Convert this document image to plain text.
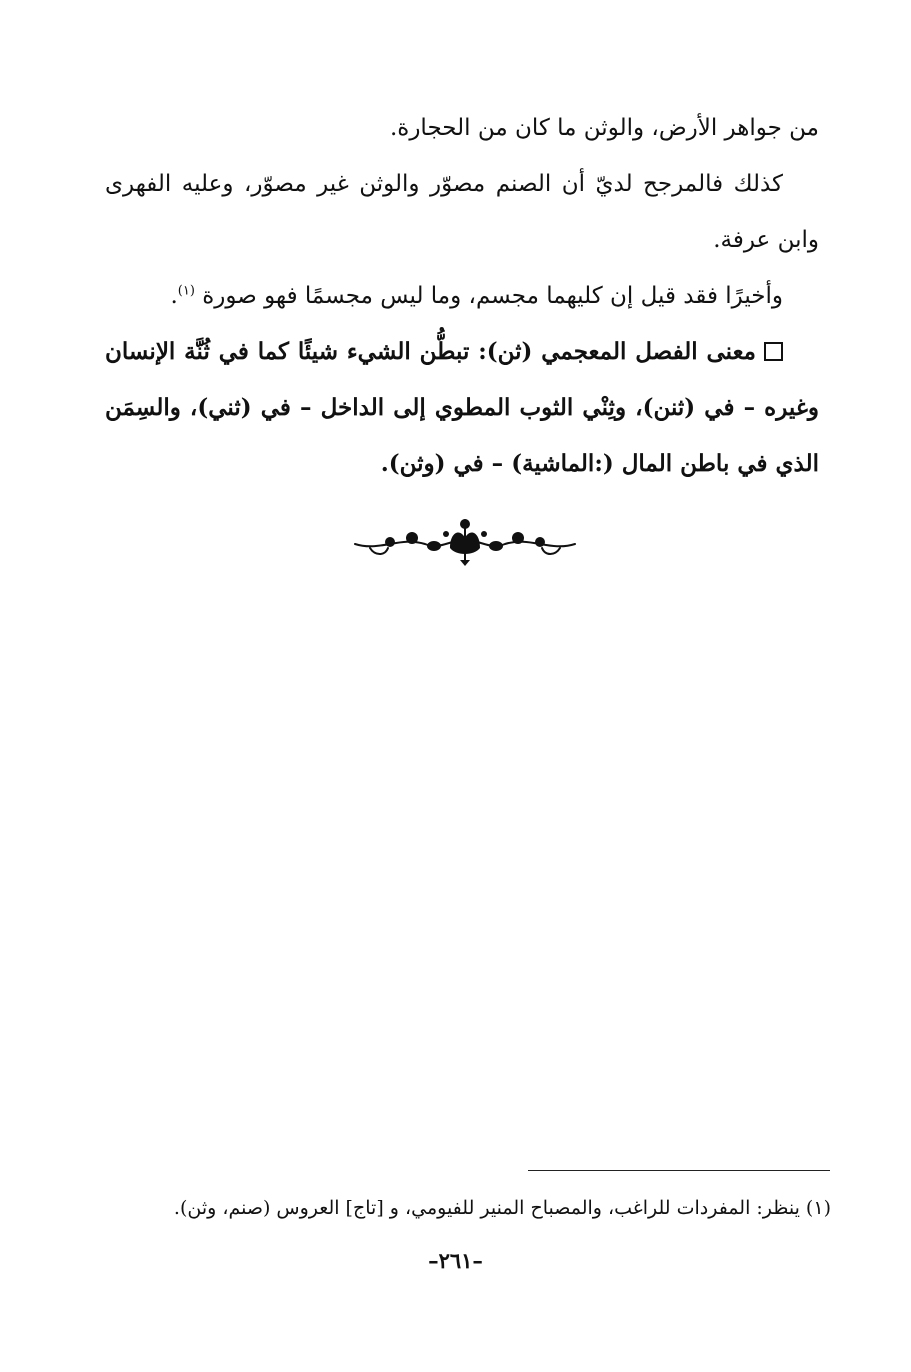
من جواهر الأرض، والوثن ما كان من الحجارة.

كذلك فالمرجح لديّ أن الصنم مصوّر والوثن غير مصوّر، وعليه الفهرى وابن عرفة.

وأخيرًا فقد قيل إن كليهما مجسم، وما ليس مجسمًا فهو صورة $^{(١)}$.

معنى الفصل المعجمي (ثن): تبطُّن الشيء شيئًا كما في ثُنَّة الإنسان وغيره – في (ثنن)، وثِنْي الثوب المطوي إلى الداخل – في (ثني)، والسِمَن الذي في باطن المال (:الماشية) – في (وثن).

(١) ينظر: المفردات للراغب، والمصباح المنير للفيومي، و [تاج] العروس (صنم، وثن).
–٢٦١–
